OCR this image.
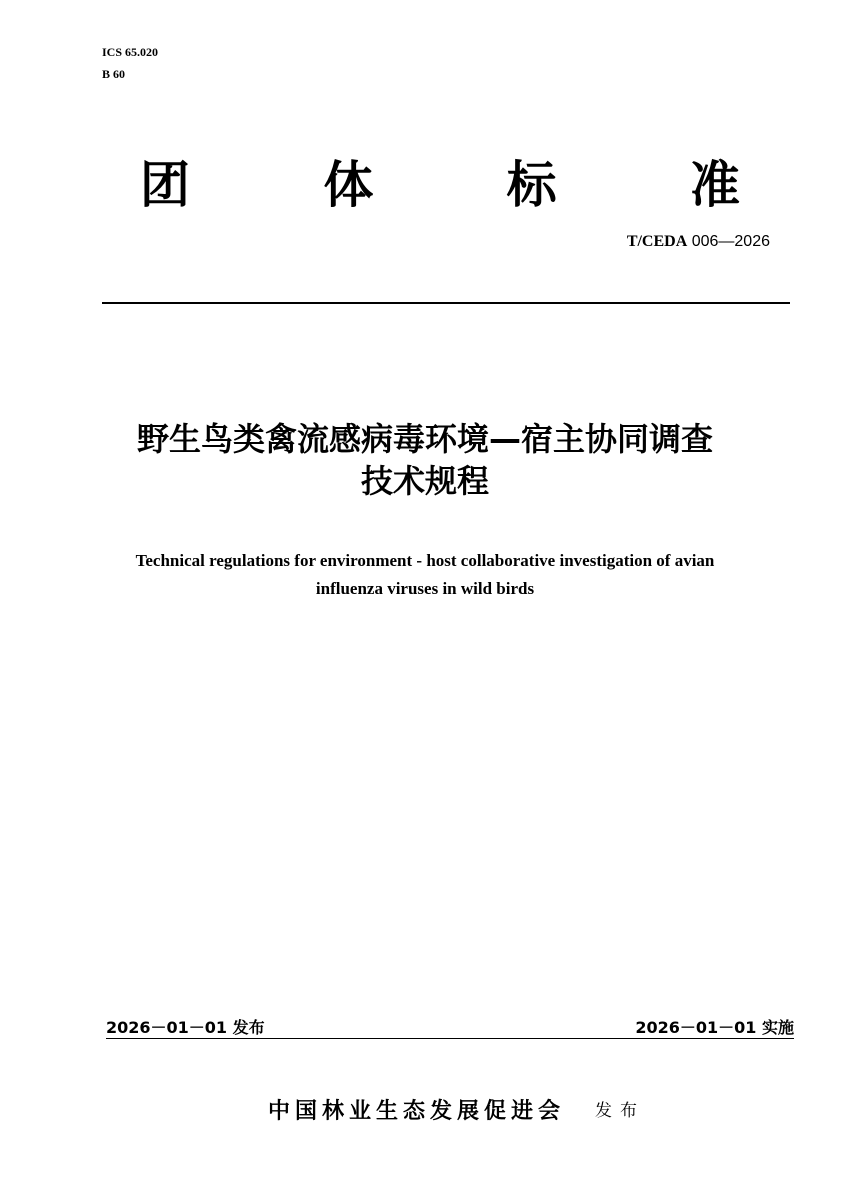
ICS 65.020
B 60
团	体	标	准
T/CEDA 006—2026
野生鸟类禽流感病毒环境—宿主协同调查
技术规程
Technical regulations for environment - host collaborative investigation of avian
influenza viruses in wild birds
2026－01－01 发布	2026－01－01 实施
中国林业生态发展促进会 发布
